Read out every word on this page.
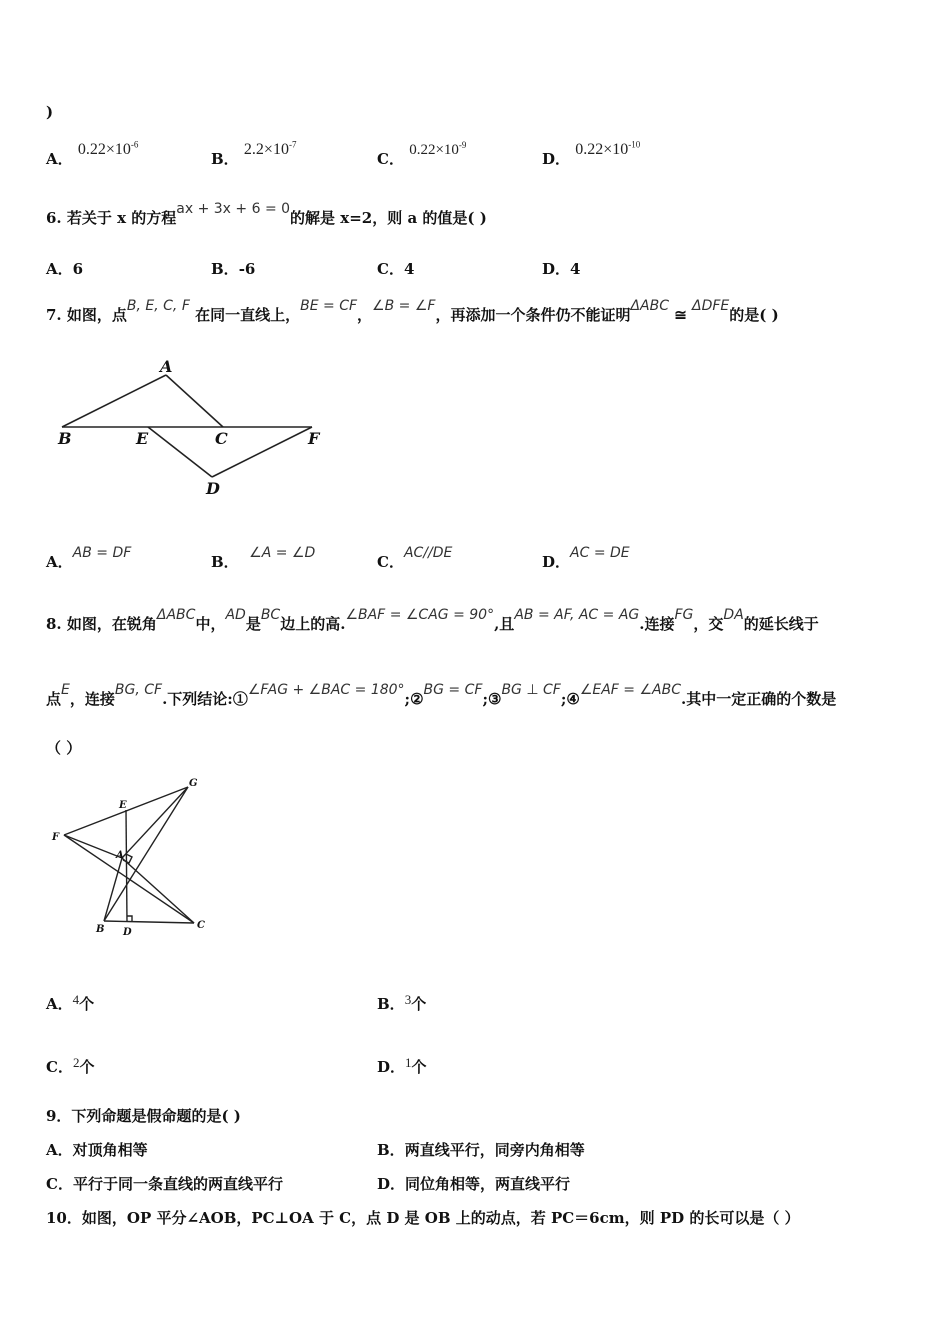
)
A． $0.22\times 10^{-6}$
B． $2.2\times 10^{-7}$
C． $0.22\times 10^{-9}$
D． $0.22\times 10^{-10}$
6. 若关于 x 的方程ax + 3x + 6 = 0的解是 x=2，则 a 的值是( )
A．6	B．-6	C．4	D．4
7. 如图，点B, E, C, F 在同一直线上，BE = CF，∠B = ∠F，再添加一个条件仍不能证明ΔABC ≅ ΔDFE的是( )
A
B	E	C	F
D
A．AB = DF	B． ∠A = ∠D	C．AC//DE	D．AC = DE
8. 如图，在锐角ΔABC中，AD是BC边上的高.∠BAF = ∠CAG = 90°,且AB = AF, AC = AG.连接FG，交DA的延长线于
点E，连接BG, CF.下列结论:①∠FAG + ∠BAC = 180°;②BG = CF;③BG ⊥ CF;④∠EAF = ∠ABC.其中一定正确的个数是
（ ）
G
E
F
A
B D
C
A．4个	B．3个
C．2个	D．1个
9．下列命题是假命题的是( )
A．对顶角相等	B．两直线平行，同旁内角相等
C．平行于同一条直线的两直线平行	D．同位角相等，两直线平行
10．如图，OP 平分∠AOB，PC⊥OA 于 C，点 D 是 OB 上的动点，若 PC＝6cm，则 PD 的长可以是（ ）
